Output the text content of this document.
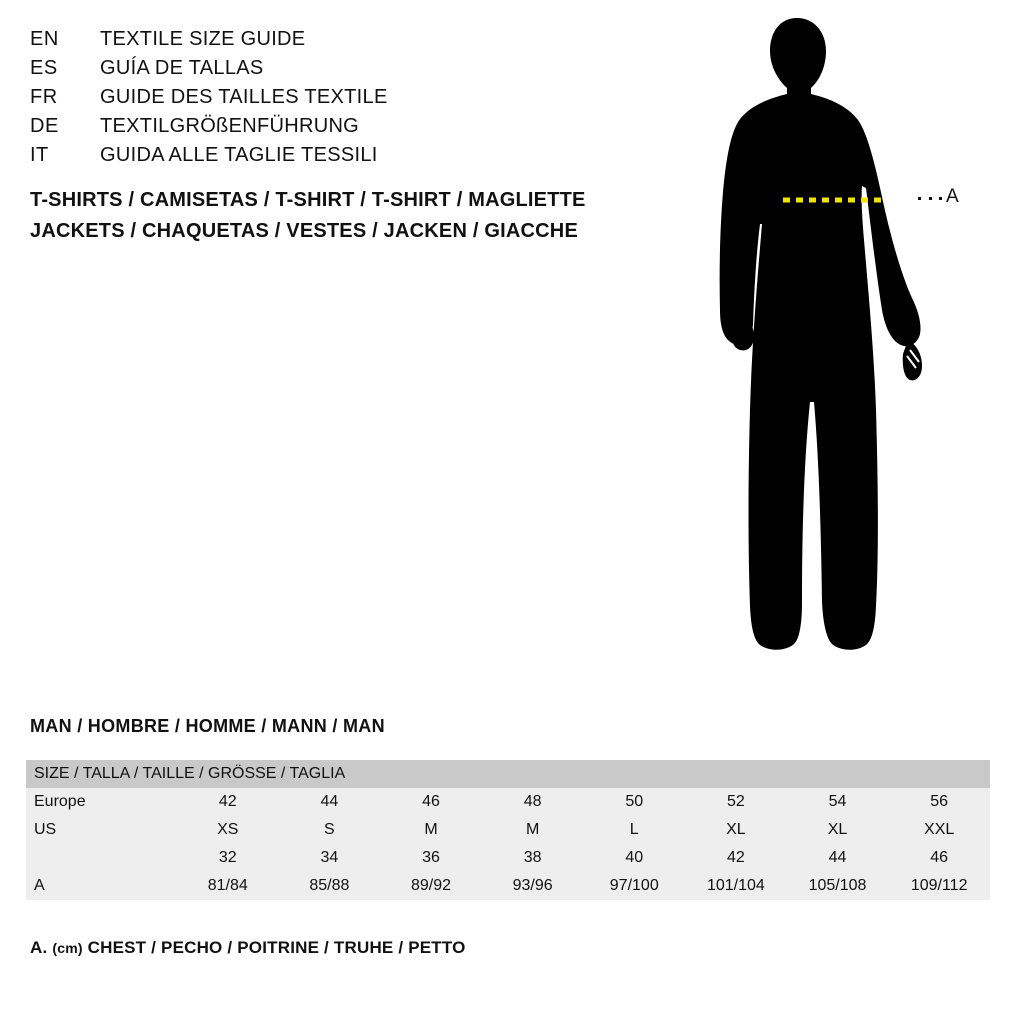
EN	TEXTILE SIZE GUIDE
ES	GUÍA DE TALLAS
FR	GUIDE DES TAILLES TEXTILE
DE	TEXTILGRÖßENFÜHRUNG
IT	GUIDA ALLE TAGLIE TESSILI
T-SHIRTS / CAMISETAS / T-SHIRT / T-SHIRT / MAGLIETTE
JACKETS / CHAQUETAS / VESTES / JACKEN / GIACCHE
A
MAN / HOMBRE / HOMME / MANN / MAN
SIZE / TALLA / TAILLE / GRÖSSE / TAGLIA								

Europe	42	44	46	48	50	52	54	56
US	XS	S	M	M	L	XL	XL	XXL
	32	34	36	38	40	42	44	46
A	81/84	85/88	89/92	93/96	97/100	101/104	105/108	109/112
A. (cm) CHEST / PECHO / POITRINE / TRUHE / PETTO
